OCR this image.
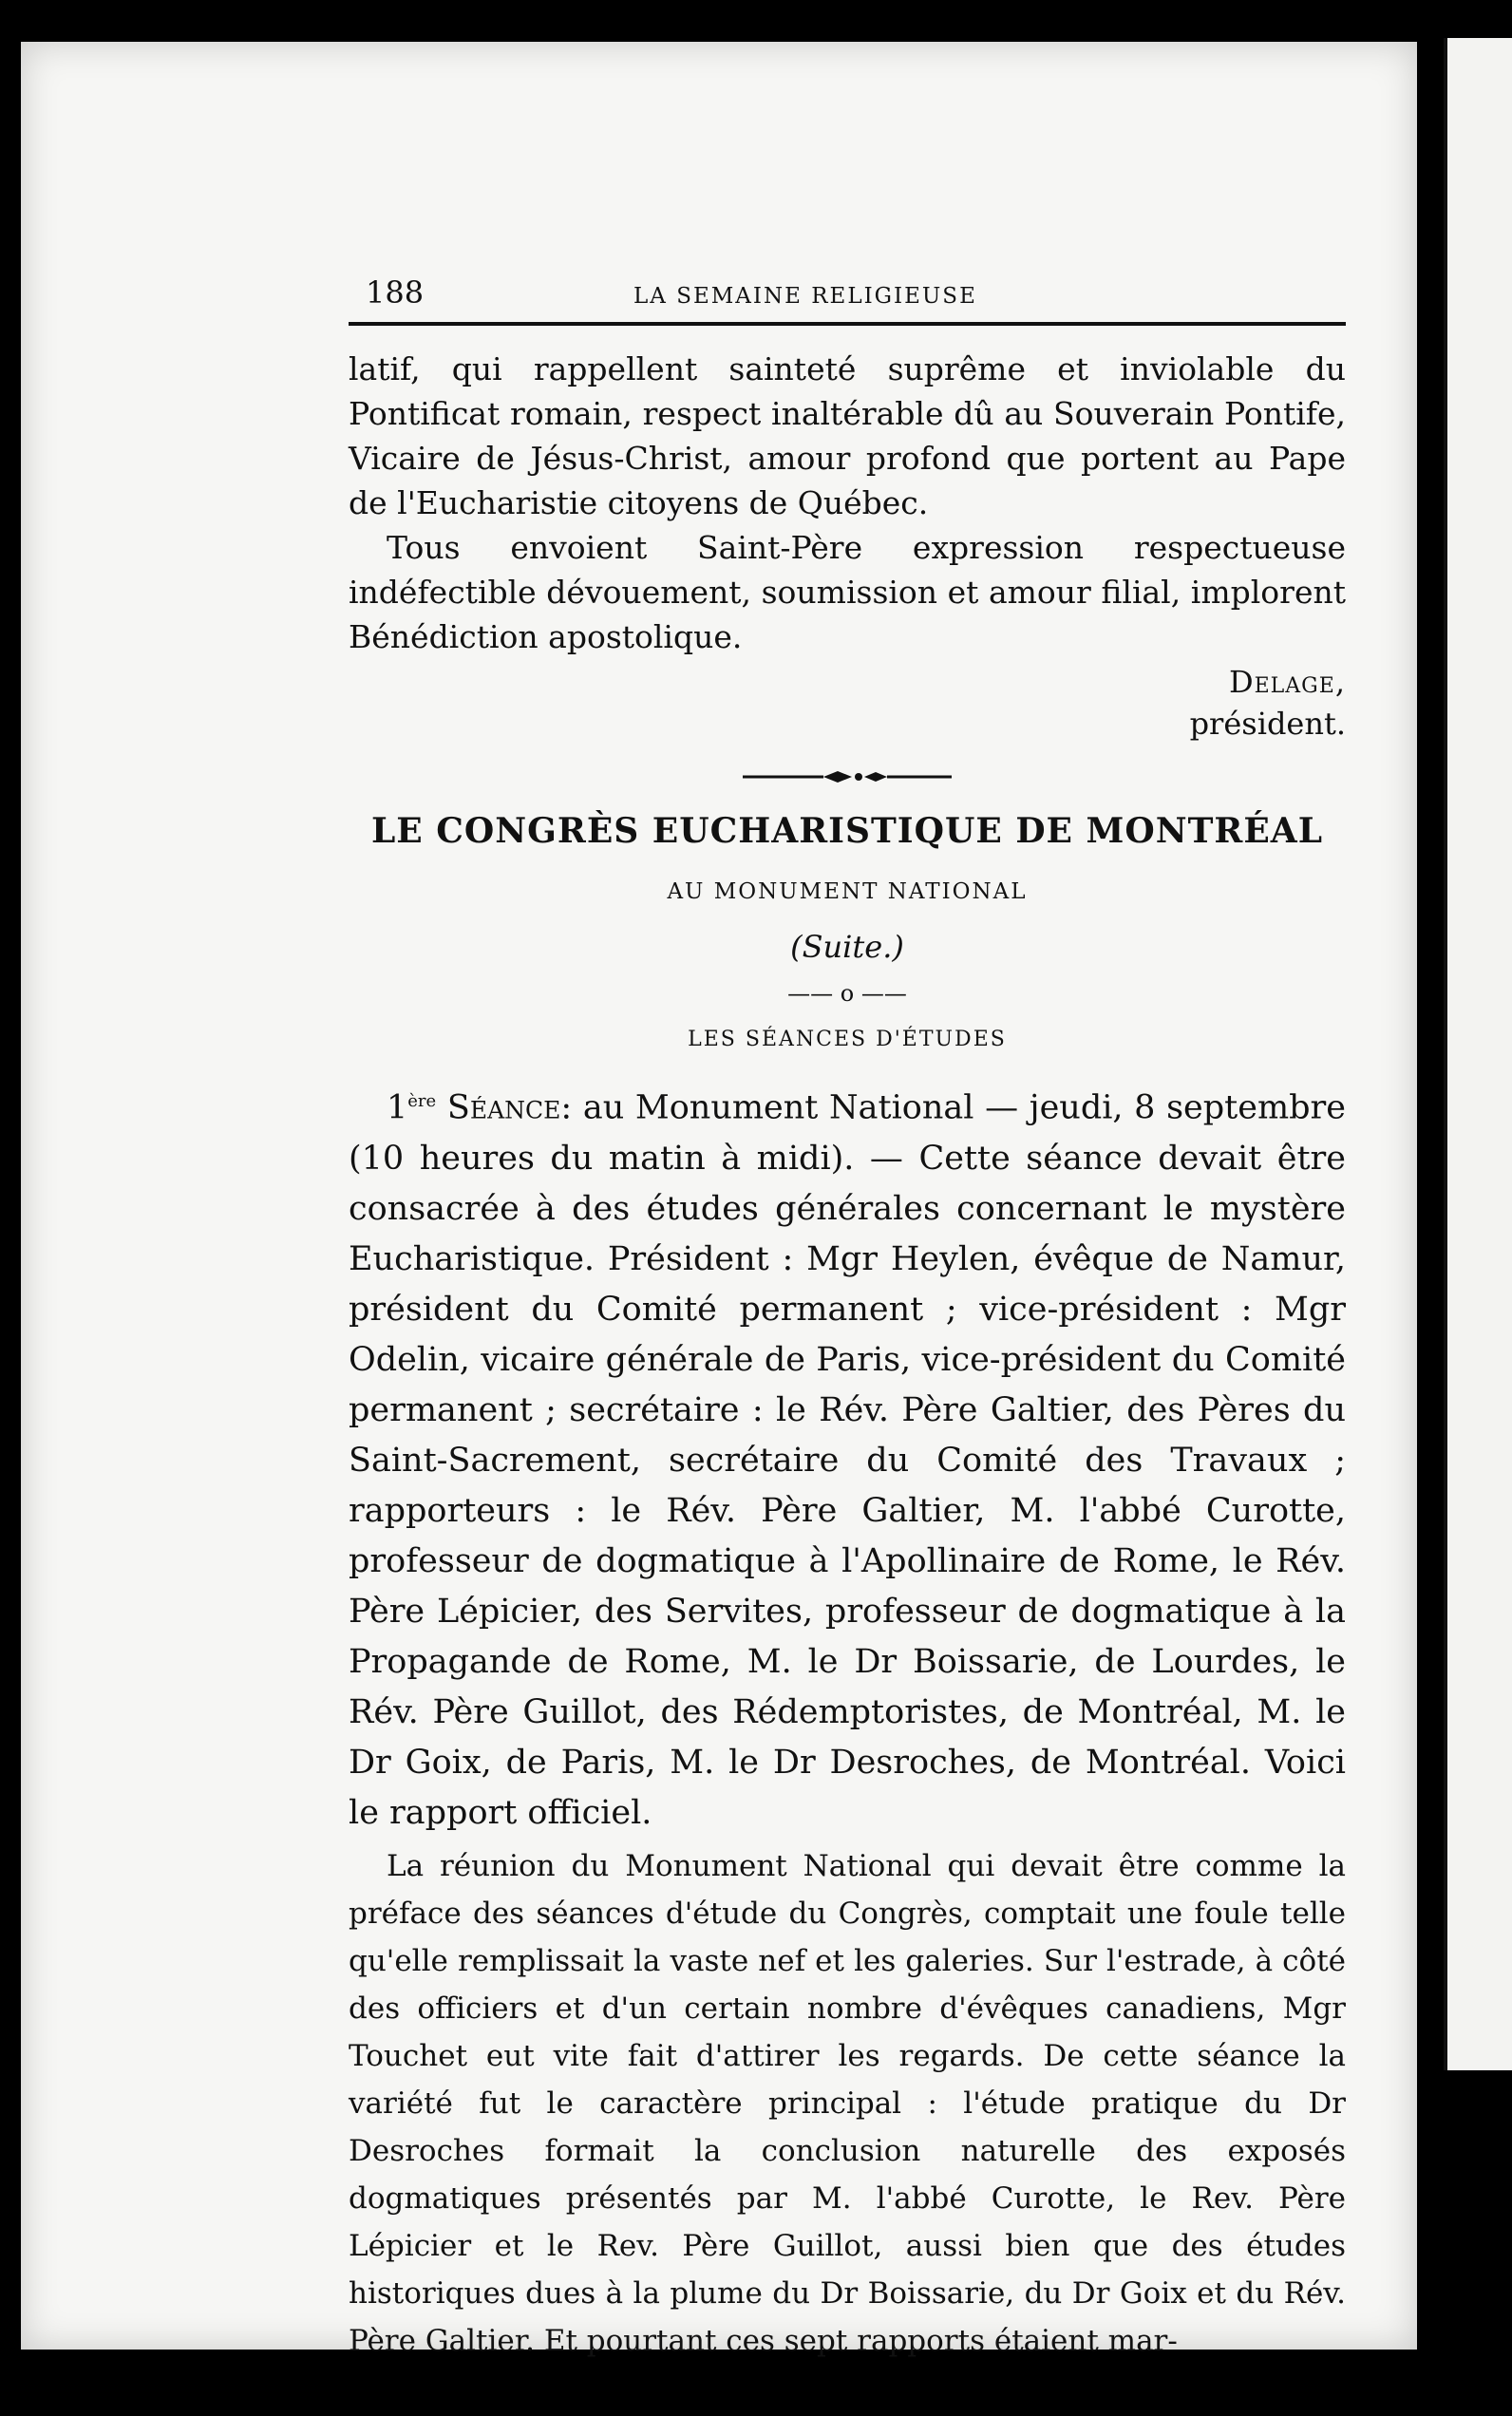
188	LA SEMAINE RELIGIEUSE

latif, qui rappellent sainteté suprême et inviolable du Pontificat romain, respect inaltérable dû au Souverain Pontife, Vicaire de Jésus-Christ, amour profond que portent au Pape de l'Eucharistie citoyens de Québec.

Tous envoient Saint-Père expression respectueuse indéfectible dévouement, soumission et amour filial, implorent Bénédiction apostolique.

Delage,
président.
LE CONGRÈS EUCHARISTIQUE DE MONTRÉAL
AU MONUMENT NATIONAL
(Suite.)
—— o ——
LES SÉANCES D'ÉTUDES

1ère Séance: au Monument National — jeudi, 8 septembre (10 heures du matin à midi). — Cette séance devait être consacrée à des études générales concernant le mystère Eucharistique. Président : Mgr Heylen, évêque de Namur, président du Comité permanent ; vice-président : Mgr Odelin, vicaire générale de Paris, vice-président du Comité permanent ; secrétaire : le Rév. Père Galtier, des Pères du Saint-Sacrement, secrétaire du Comité des Travaux ; rapporteurs : le Rév. Père Galtier, M. l'abbé Curotte, professeur de dogmatique à l'Apollinaire de Rome, le Rév. Père Lépicier, des Servites, professeur de dogmatique à la Propagande de Rome, M. le Dr Boissarie, de Lourdes, le Rév. Père Guillot, des Rédemptoristes, de Montréal, M. le Dr Goix, de Paris, M. le Dr Desroches, de Montréal. Voici le rapport officiel.

La réunion du Monument National qui devait être comme la préface des séances d'étude du Congrès, comptait une foule telle qu'elle remplissait la vaste nef et les galeries. Sur l'estrade, à côté des officiers et d'un certain nombre d'évêques canadiens, Mgr Touchet eut vite fait d'attirer les regards. De cette séance la variété fut le caractère principal : l'étude pratique du Dr Desroches formait la conclusion naturelle des exposés dogmatiques présentés par M. l'abbé Curotte, le Rev. Père Lépicier et le Rev. Père Guillot, aussi bien que des études historiques dues à la plume du Dr Boissarie, du Dr Goix et du Rév. Père Galtier. Et pourtant ces sept rapports étaient mar-
